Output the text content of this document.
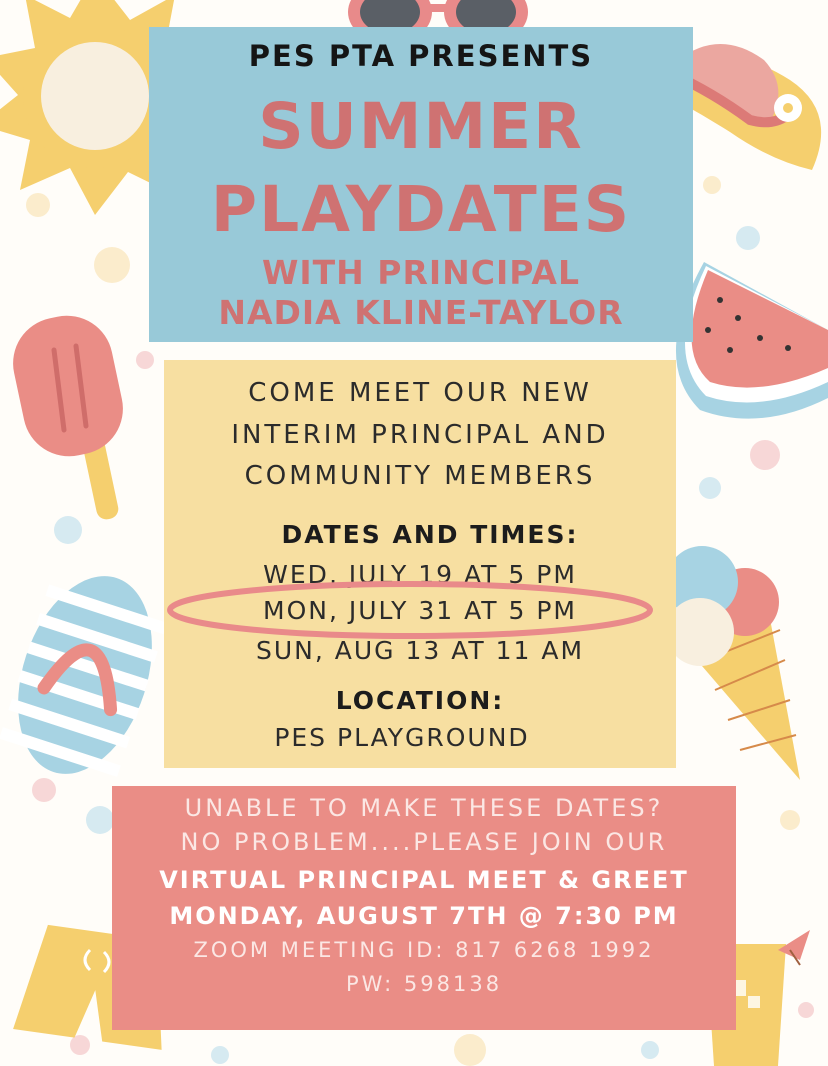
PES PTA PRESENTS
SUMMER
PLAYDATES
WITH PRINCIPAL
NADIA KLINE-TAYLOR
COME MEET OUR NEW
INTERIM PRINCIPAL AND
COMMUNITY MEMBERS
DATES AND TIMES:
WED, JULY 19 AT 5 PM
MON, JULY 31 AT 5 PM
SUN, AUG 13 AT 11 AM
LOCATION:
PES PLAYGROUND
UNABLE TO MAKE THESE DATES?
NO PROBLEM....PLEASE JOIN OUR
VIRTUAL PRINCIPAL MEET & GREET
MONDAY, AUGUST 7TH @ 7:30 PM
ZOOM MEETING ID: 817 6268 1992
PW: 598138
